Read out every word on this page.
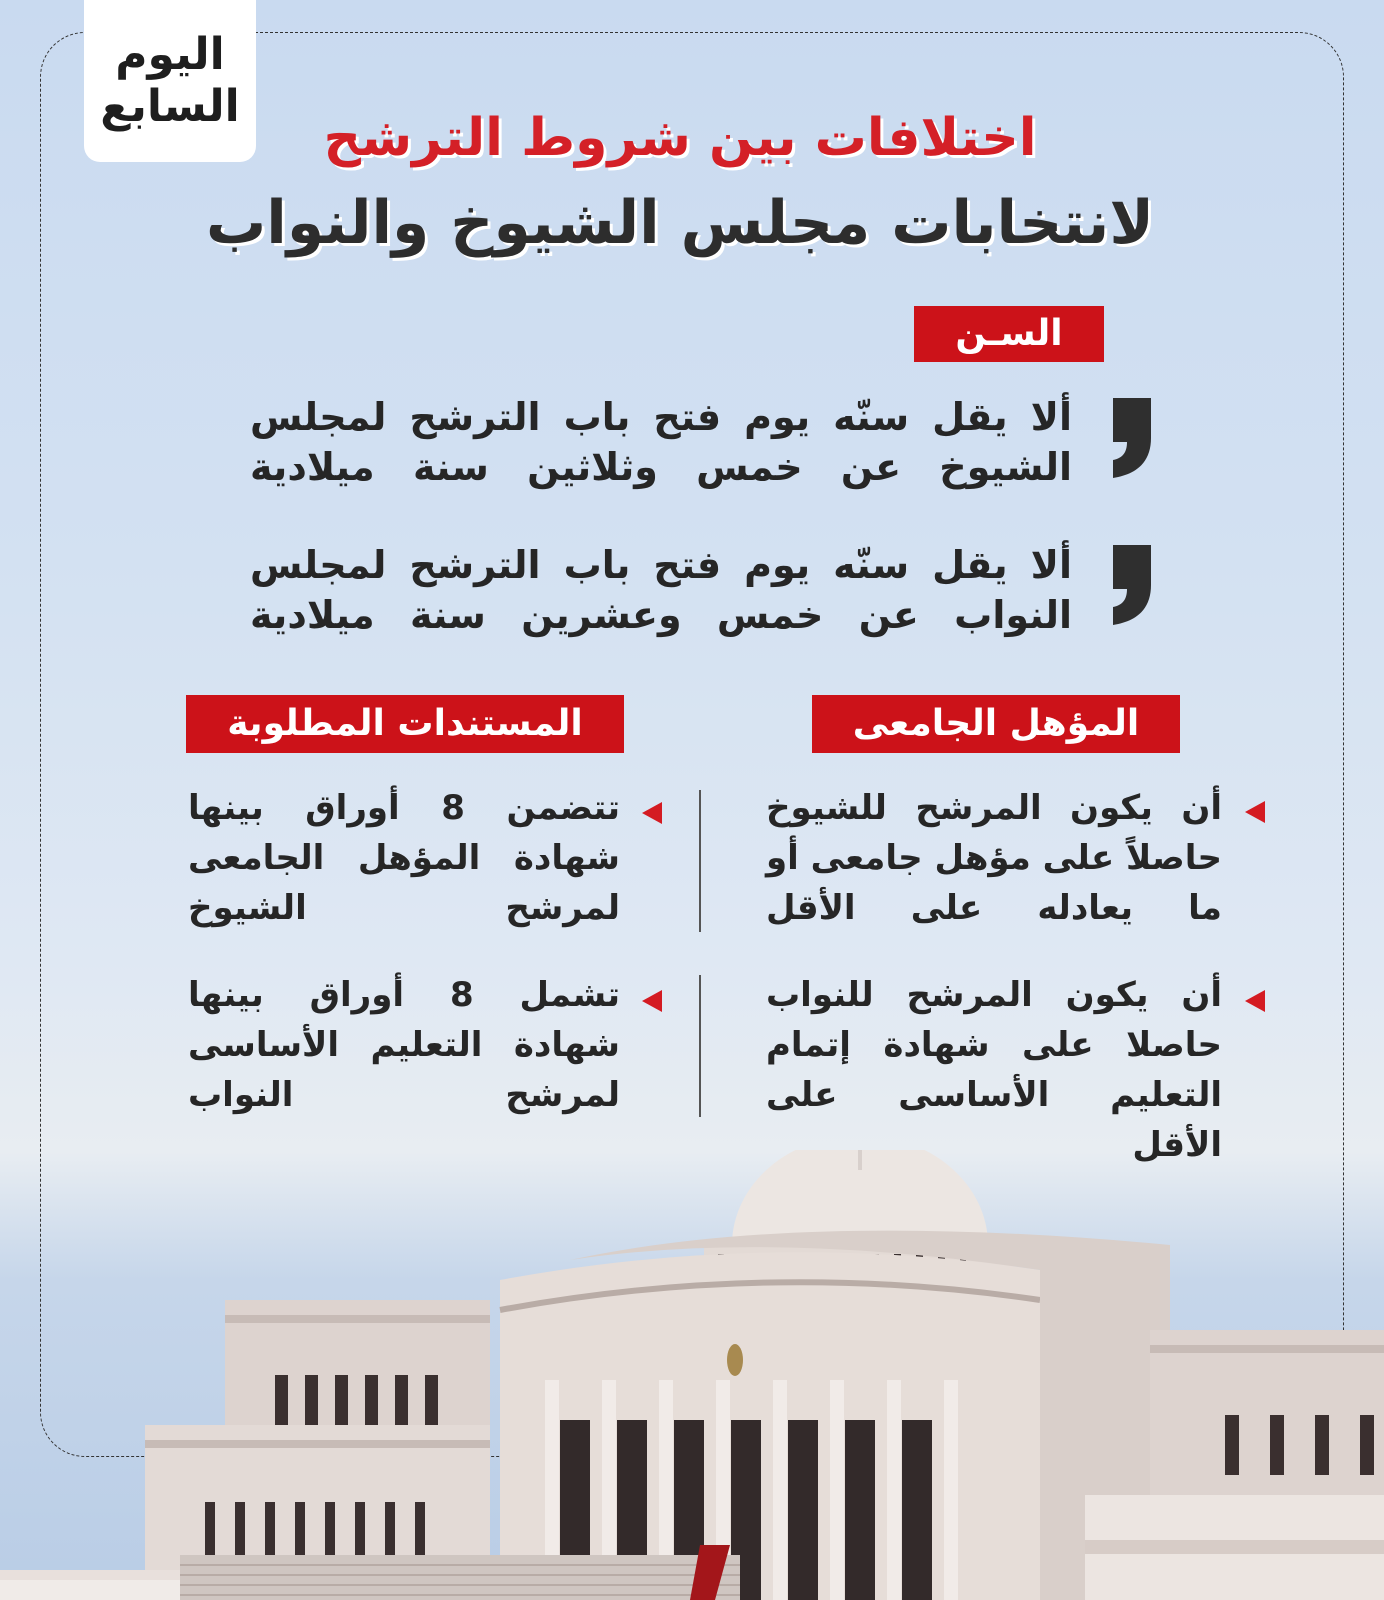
اليوم
السابع
اختلافات بين شروط الترشح
لانتخابات مجلس الشيوخ والنواب
السـن
ألا يقل سنّه يوم فتح باب الترشح لمجلس الشيوخ عن خمس وثلاثين سنة ميلادية
ألا يقل سنّه يوم فتح باب الترشح لمجلس النواب عن خمس وعشرين سنة ميلادية
المؤهل الجامعى
المستندات المطلوبة
أن يكون المرشح للشيوخ حاصلاً على مؤهل جامعى أو ما يعادله على الأقل
أن يكون المرشح للنواب حاصلا على شهادة إتمام التعليم الأساسى على الأقل
تتضمن 8 أوراق بينها شهادة المؤهل الجامعى لمرشح الشيوخ
تشمل 8 أوراق بينها شهادة التعليم الأساسى لمرشح النواب
